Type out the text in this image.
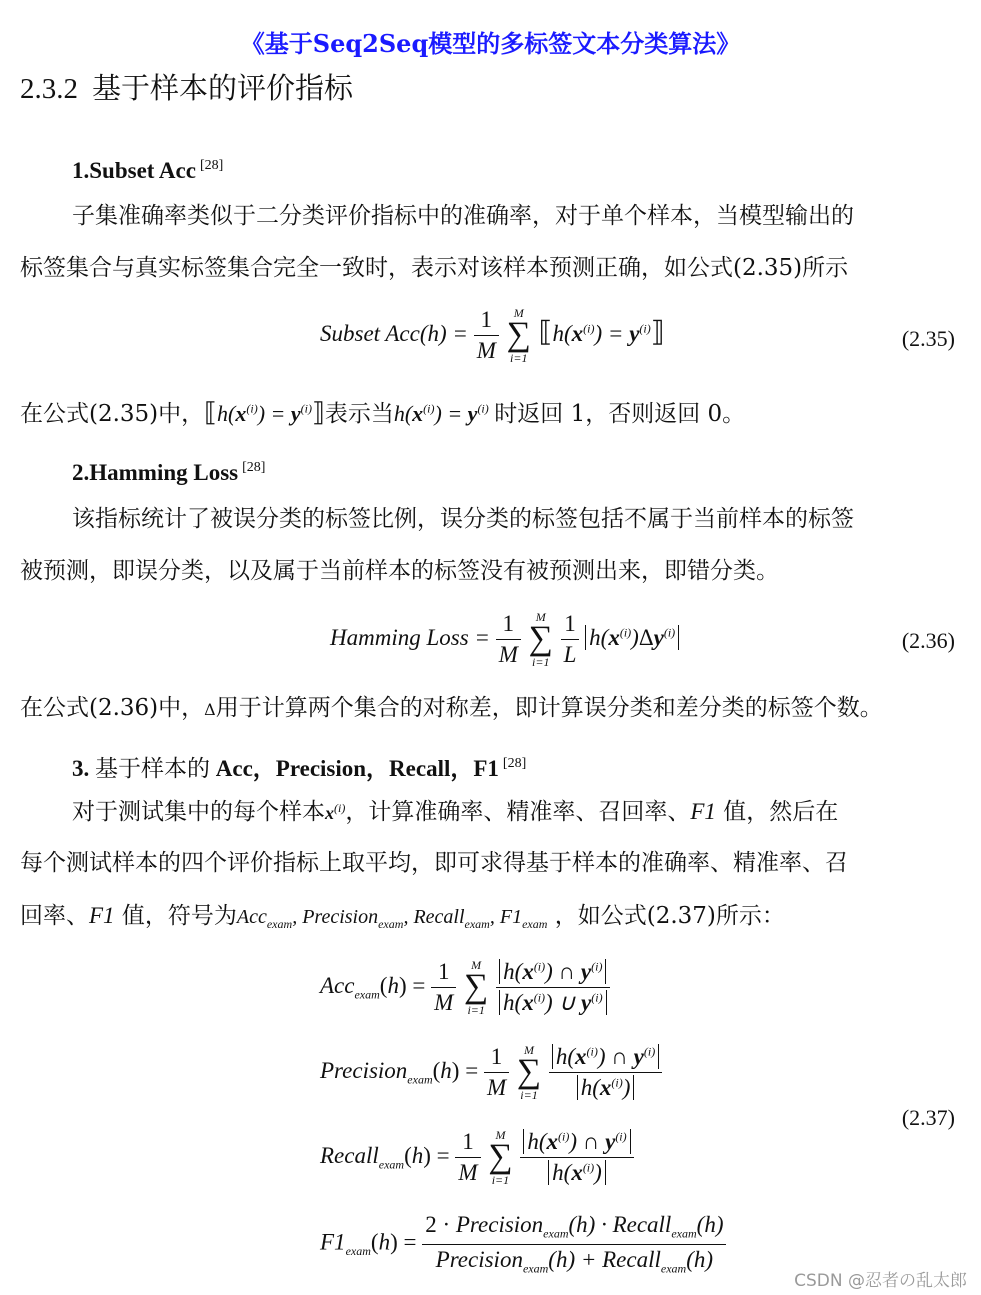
《基于Seq2Seq模型的多标签文本分类算法》
2.3.2 基于样本的评价指标
1.Subset Acc [28]
子集准确率类似于二分类评价指标中的准确率，对于单个样本，当模型输出的
标签集合与真实标签集合完全一致时，表示对该样本预测正确，如公式(2.35)所示
Subset $Acc(h) = \frac{1}{M}$ M
∑
i=1 $⟦h(x^{(i)})$ = $y^{(i)}⟧$	(2.35)
在公式(2.35)中，$⟦h(x^{(i)})$ = $y^{(i)}⟧$表示当$h(x^{(i)}) = y^{(i)}$ 时返回 1，否则返回 0。
2.Hamming Loss [28]
该指标统计了被误分类的标签比例，误分类的标签包括不属于当前样本的标签
被预测，即误分类，以及属于当前样本的标签没有被预测出来，即错分类。
Hamming Loss = $\frac{1}{M}$ M
∑
$i=1 \frac{1}{L} h(x^{(i)})\Delta y^{(i)}$	(2.36)
在公式(2.36)中，Δ用于计算两个集合的对称差，即计算误分类和差分类的标签个数。
3. 基于样本的 Acc，Precision，Recall，F1 [28]
对于测试集中的每个样本$x^{(i)}$，计算准确率、精准率、召回率、F1 值，然后在
每个测试样本的四个评价指标上取平均，即可求得基于样本的准确率、精准率、召
回率、F1 值，符号为Acc$_{exam}$, Precision$_{exam}$, Recall$_{exam}$, $F1_{exam}$ ，如公式(2.37)所示：
$Acc_{exam}(h) = \frac{1}{M}$ M
∑
$i=1 \frac{h(x^{(i)}) \cap y^{(i)}}{h(x^{(i)}) \cup y^{(i)}}$
Precision$_{exam}$(h) = $\frac{1}{M}$ M
∑
$i=1 \frac{h(x^{(i)}) \cap y^{(i)}}{h(x^{(i)})}$
(2.37)
Recall$_{exam}$(h) = $\frac{1}{M}$ M
∑
$i=1 \frac{h(x^{(i)}) \cap y^{(i)}}{h(x^{(i)})}$
$F1_{exam}(h) = \frac{2 \cdot Precision_{exam}(h) \cdot Recall_{exam}(h)}{Precision_{exam}(h) + Recall_{exam}(h)}$
CSDN @忍者の乱太郎
